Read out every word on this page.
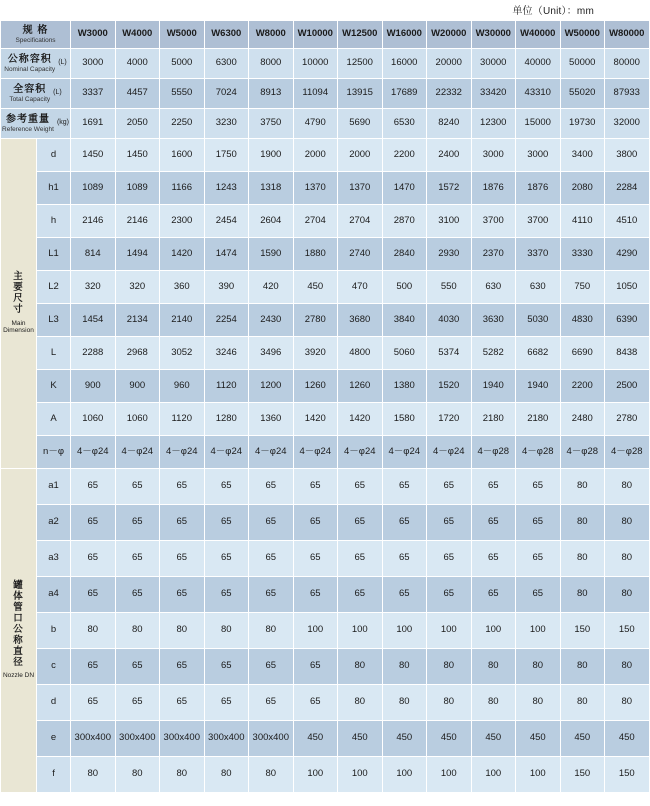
单位（Unit）：mm
规 格
Specifications		W3000	W4000	W5000	W6300	W8000	W10000	W12500	W16000	W20000	W30000	W40000	W50000	W80000

公称容积
Nominal Capacity
(L)		3000	4000	5000	6300	8000	10000	12500	16000	20000	30000	40000	50000	80000

全容积
Total Capacity
(L)		3337	4457	5550	7024	8913	11094	13915	17689	22332	33420	43310	55020	87933

参考重量
Reference Weight
(kg)		1691	2050	2250	3230	3750	4790	5690	6530	8240	12300	15000	19730	32000
主
要
尺
寸
Main Dimension	d	1450	1450	1600	1750	1900	2000	2000	2200	2400	3000	3000	3400	3800
	h1	1089	1089	1166	1243	1318	1370	1370	1470	1572	1876	1876	2080	2284
	h	2146	2146	2300	2454	2604	2704	2704	2870	3100	3700	3700	4110	4510
	L1	814	1494	1420	1474	1590	1880	2740	2840	2930	2370	3370	3330	4290
	L2	320	320	360	390	420	450	470	500	550	630	630	750	1050
	L3	1454	2134	2140	2254	2430	2780	3680	3840	4030	3630	5030	4830	6390
	L	2288	2968	3052	3246	3496	3920	4800	5060	5374	5282	6682	6690	8438
	K	900	900	960	1120	1200	1260	1260	1380	1520	1940	1940	2200	2500
	A	1060	1060	1120	1280	1360	1420	1420	1580	1720	2180	2180	2480	2780
	n－φ	4－φ24	4－φ24	4－φ24	4－φ24	4－φ24	4－φ24	4－φ24	4－φ24	4－φ24	4－φ28	4－φ28	4－φ28	4－φ28
罐
体
管
口
公
称
直
径
Nozzle DN
	a1	65	65	65	65	65	65	65	65	65	65	65	80	80
	a2	65	65	65	65	65	65	65	65	65	65	65	80	80
	a3	65	65	65	65	65	65	65	65	65	65	65	80	80
	a4	65	65	65	65	65	65	65	65	65	65	65	80	80
	b	80	80	80	80	80	100	100	100	100	100	100	150	150
	c	65	65	65	65	65	65	80	80	80	80	80	80	80
	d	65	65	65	65	65	65	80	80	80	80	80	80	80
	e	300x400	300x400	300x400	300x400	300x400	450	450	450	450	450	450	450	450
	f	80	80	80	80	80	100	100	100	100	100	100	150	150
